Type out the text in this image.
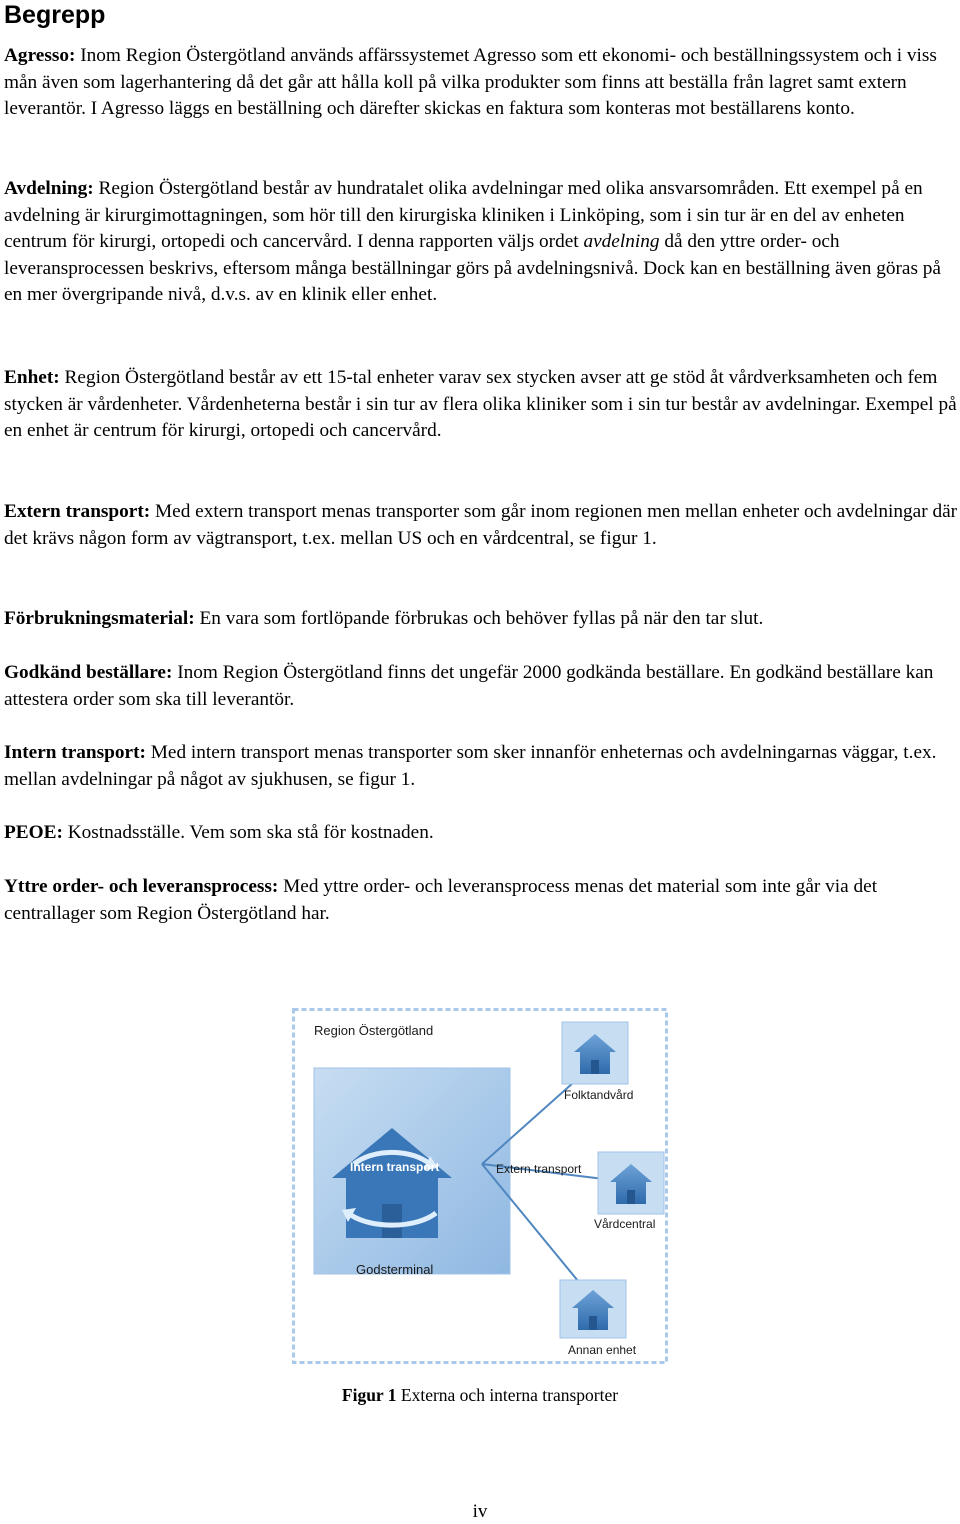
Begrepp

Agresso: Inom Region Östergötland används affärssystemet Agresso som ett ekonomi- och beställningssystem och i viss mån även som lagerhantering då det går att hålla koll på vilka produkter som finns att beställa från lagret samt extern leverantör. I Agresso läggs en beställning och därefter skickas en faktura som konteras mot beställarens konto.

Avdelning: Region Östergötland består av hundratalet olika avdelningar med olika ansvarsområden. Ett exempel på en avdelning är kirurgimottagningen, som hör till den kirurgiska kliniken i Linköping, som i sin tur är en del av enheten centrum för kirurgi, ortopedi och cancervård. I denna rapporten väljs ordet avdelning då den yttre order- och leveransprocessen beskrivs, eftersom många beställningar görs på avdelningsnivå. Dock kan en beställning även göras på en mer övergripande nivå, d.v.s. av en klinik eller enhet.

Enhet: Region Östergötland består av ett 15-tal enheter varav sex stycken avser att ge stöd åt vårdverksamheten och fem stycken är vårdenheter. Vårdenheterna består i sin tur av flera olika kliniker som i sin tur består av avdelningar. Exempel på en enhet är centrum för kirurgi, ortopedi och cancervård.

Extern transport: Med extern transport menas transporter som går inom regionen men mellan enheter och avdelningar där det krävs någon form av vägtransport, t.ex. mellan US och en vårdcentral, se figur 1.

Förbrukningsmaterial: En vara som fortlöpande förbrukas och behöver fyllas på när den tar slut.

Godkänd beställare: Inom Region Östergötland finns det ungefär 2000 godkända beställare. En godkänd beställare kan attestera order som ska till leverantör.

Intern transport: Med intern transport menas transporter som sker innanför enheternas och avdelningarnas väggar, t.ex. mellan avdelningar på något av sjukhusen, se figur 1.

PEOE: Kostnadsställe. Vem som ska stå för kostnaden.

Yttre order- och leveransprocess: Med yttre order- och leveransprocess menas det material som inte går via det centrallager som Region Östergötland har.

Region Östergötland
Intern transport
Godsterminal
Extern transport
Folktandvård
Vårdcentral
Annan enhet
Figur 1 Externa och interna transporter
iv
